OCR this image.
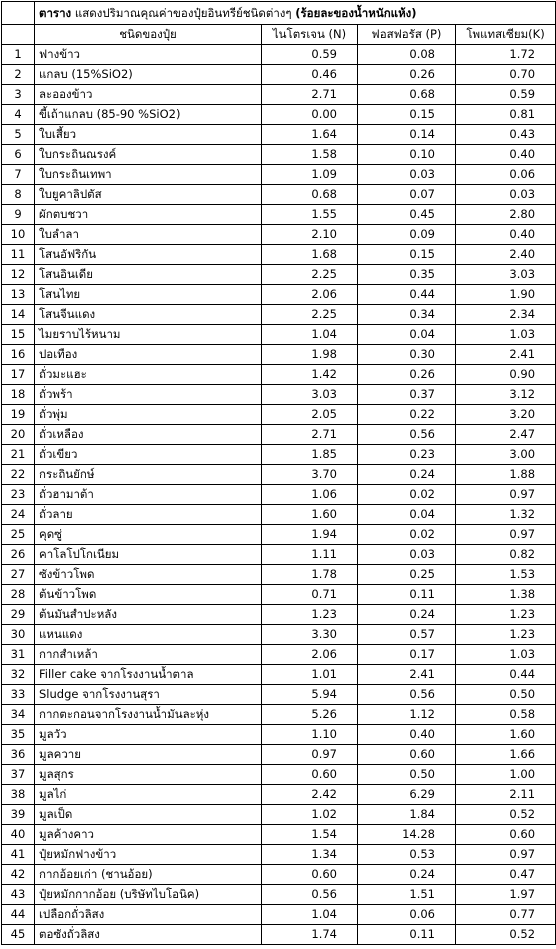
	ตาราง แสดงปริมาณคุณค่าของปุ๋ยอินทรีย์ชนิดต่างๆ (ร้อยละของน้ำหนักแห้ง)			
	ชนิดของปุ๋ย	ไนโตรเจน (N)	ฟอสฟอรัส (P)	โพแทสเซียม(K)
1	ฟางข้าว	0.59	0.08	1.72
2	แกลบ (15%SiO2)	0.46	0.26	0.70
3	ละอองข้าว	2.71	0.68	0.59
4	ขี้เถ้าแกลบ (85-90 %SiO2)	0.00	0.15	0.81
5	ใบเสี้ยว	1.64	0.14	0.43
6	ใบกระถินณรงค์	1.58	0.10	0.40
7	ใบกระถินเทพา	1.09	0.03	0.06
8	ใบยูคาลิปตัส	0.68	0.07	0.03
9	ผักตบชวา	1.55	0.45	2.80
10	ใบลำลา	2.10	0.09	0.40
11	โสนอัฟริกัน	1.68	0.15	2.40
12	โสนอินเดีย	2.25	0.35	3.03
13	โสนไทย	2.06	0.44	1.90
14	โสนจีนแดง	2.25	0.34	2.34
15	ไมยราบไร้หนาม	1.04	0.04	1.03
16	ปอเทือง	1.98	0.30	2.41
17	ถั่วมะแฮะ	1.42	0.26	0.90
18	ถั่วพร้า	3.03	0.37	3.12
19	ถั่วพุ่ม	2.05	0.22	3.20
20	ถั่วเหลือง	2.71	0.56	2.47
21	ถั่วเขียว	1.85	0.23	3.00
22	กระถินยักษ์	3.70	0.24	1.88
23	ถั่วฮามาต้า	1.06	0.02	0.97
24	ถั่วลาย	1.60	0.04	1.32
25	คุดซู่	1.94	0.02	0.97
26	คาโลโปโกเนียม	1.11	0.03	0.82
27	ซังข้าวโพด	1.78	0.25	1.53
28	ต้นข้าวโพด	0.71	0.11	1.38
29	ต้นมันสำปะหลัง	1.23	0.24	1.23
30	แหนแดง	3.30	0.57	1.23
31	กากสำเหล้า	2.06	0.17	1.03
32	Filler cake จากโรงงานน้ำตาล	1.01	2.41	0.44
33	Sludge จากโรงงานสุรา	5.94	0.56	0.50
34	กากตะกอนจากโรงงานน้ำมันละหุ่ง	5.26	1.12	0.58
35	มูลวัว	1.10	0.40	1.60
36	มูลควาย	0.97	0.60	1.66
37	มูลสุกร	0.60	0.50	1.00
38	มูลไก่	2.42	6.29	2.11
39	มูลเป็ด	1.02	1.84	0.52
40	มูลค้างคาว	1.54	14.28	0.60
41	ปุ๋ยหมักฟางข้าว	1.34	0.53	0.97
42	กากอ้อยเก่า (ชานอ้อย)	0.60	0.24	0.47
43	ปุ๋ยหมักกากอ้อย (บริษัทไบโอนิค)	0.56	1.51	1.97
44	เปลือกถั่วลิสง	1.04	0.06	0.77
45	ตอซังถั่วลิสง	1.74	0.11	0.52
